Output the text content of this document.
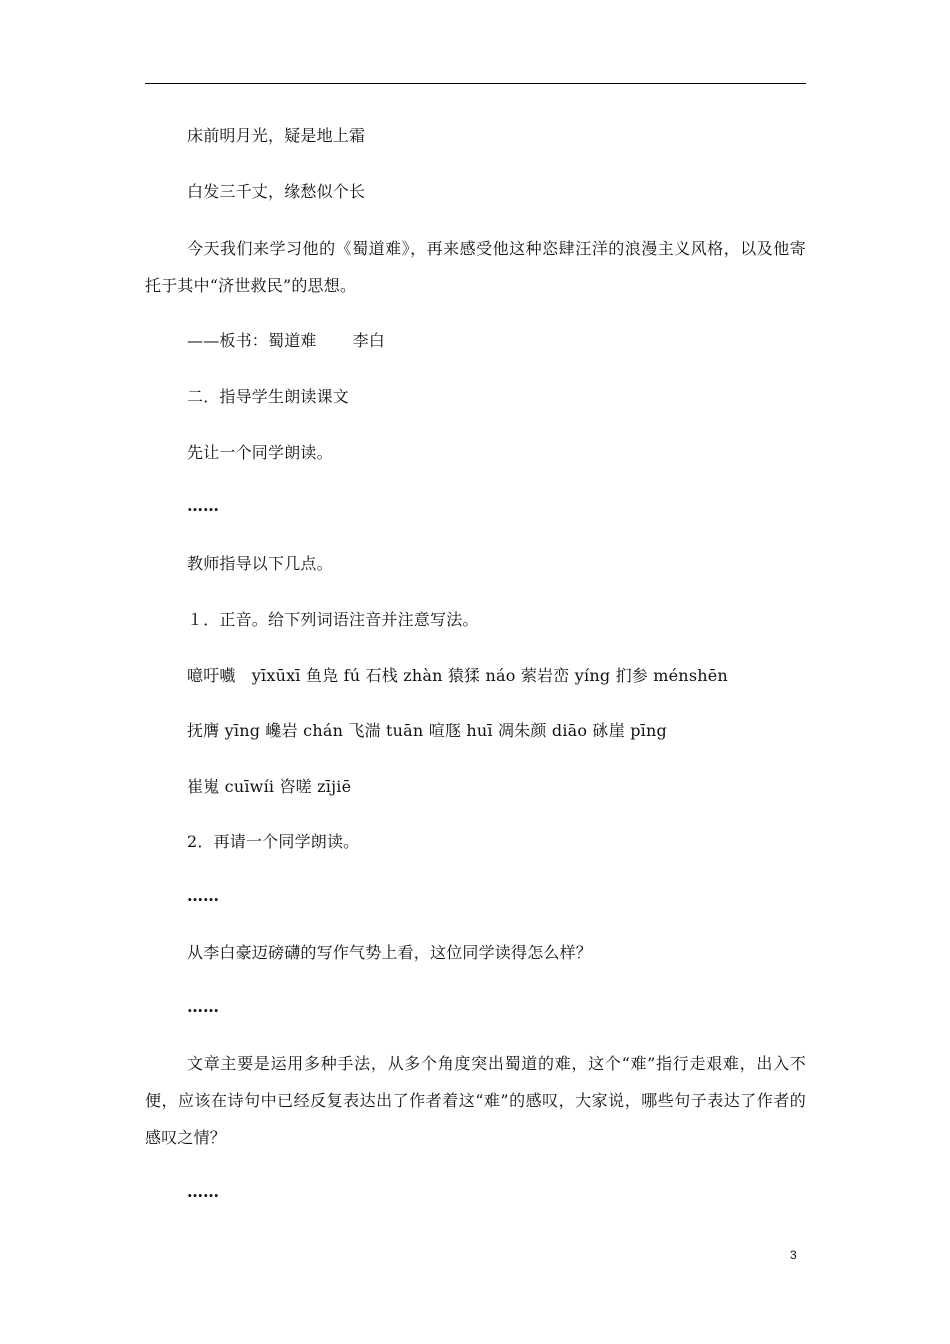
床前明月光，疑是地上霜
白发三千丈，缘愁似个长
今天我们来学习他的《蜀道难》，再来感受他这种恣肆汪洋的浪漫主义风格，以及他寄托于其中“济世救民”的思想。
——板书：蜀道难 李白
二．指导学生朗读课文
先让一个同学朗读。
……
教师指导以下几点。
１．正音。给下列词语注音并注意写法。
噫吁嚱　yīxūxī 鱼凫 fú 石栈 zhàn 猿猱 náo 萦岩峦 yíng 扪参 ménshēn
抚膺 yīng 巉岩 chán 飞湍 tuān 喧豗 huī 凋朱颜 diāo 砯崖 pīng
崔嵬 cuīwíi 咨嗟 zījiē
2．再请一个同学朗读。
……
从李白豪迈磅礴的写作气势上看，这位同学读得怎么样？
……
文章主要是运用多种手法，从多个角度突出蜀道的难，这个“难”指行走艰难，出入不便，应该在诗句中已经反复表达出了作者着这“难”的感叹，大家说，哪些句子表达了作者的感叹之情？
……
3
